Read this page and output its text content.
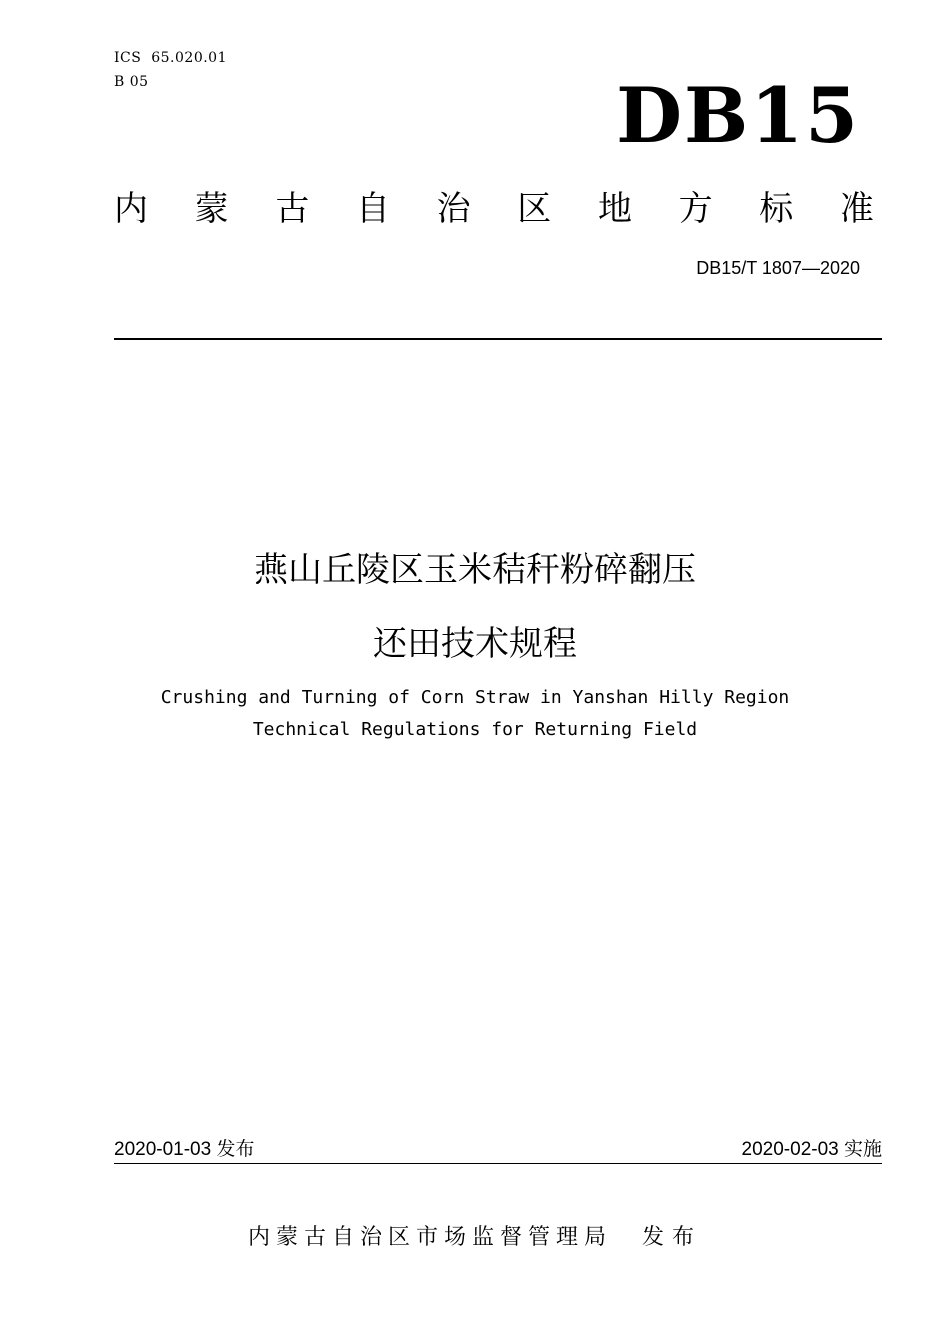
ICS  65.020.01
B 05	DB15
内 蒙 古 自 治 区 地 方 标 准
DB15/T 1807—2020
燕山丘陵区玉米秸秆粉碎翻压
还田技术规程
Crushing and Turning of Corn Straw in Yanshan Hilly Region
Technical Regulations for Returning Field
2020-01-03 发布	2020-02-03 实施
内蒙古自治区市场监督管理局 发布
